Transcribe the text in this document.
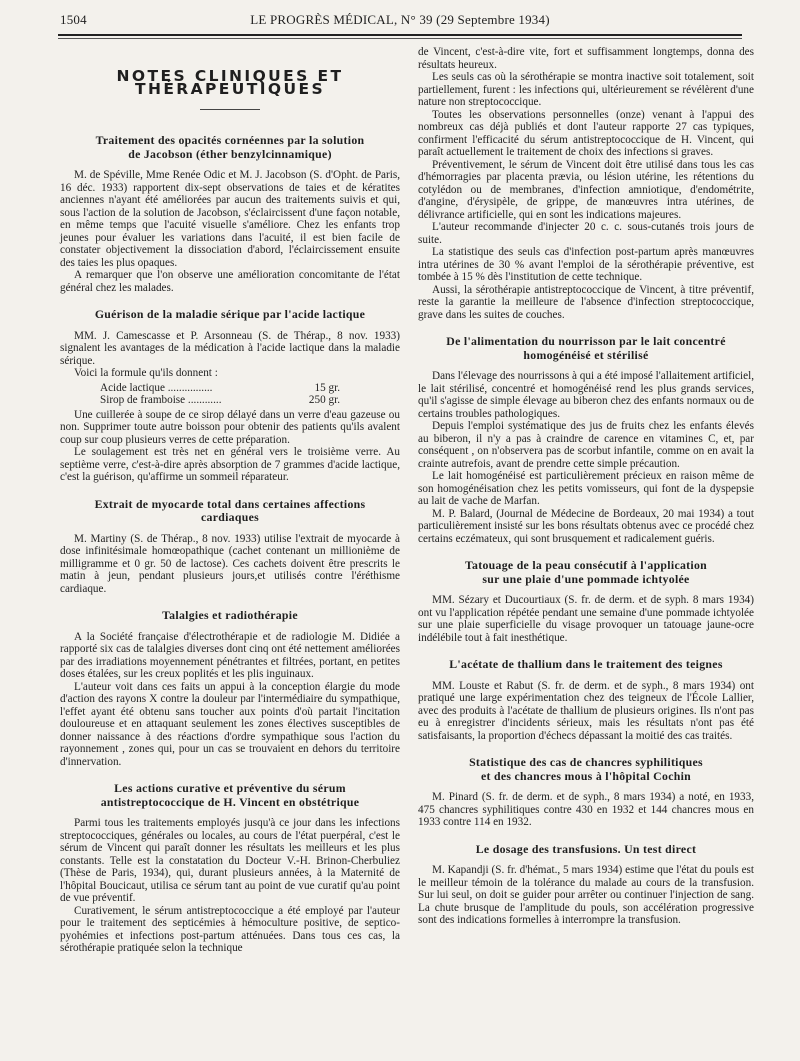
1504	LE PROGRÈS MÉDICAL, N° 39 (29 Septembre 1934)
NOTES CLINIQUES ET THÉRAPEUTIQUES
Traitement des opacités cornéennes par la solution
de Jacobson (éther benzylcinnamique)

M. de Spéville, Mme Renée Odic et M. J. Jacobson (S. d'Opht. de Paris, 16 déc. 1933) rapportent dix-sept observations de taies et de kératites anciennes n'ayant été améliorées par aucun des traitements suivis et qui, sous l'action de la solution de Jacobson, s'éclaircissent d'une façon notable, en même temps que l'acuité visuelle s'améliore. Chez les enfants trop jeunes pour évaluer les variations dans l'acuité, il est bien facile de constater objectivement la dissociation d'abord, l'éclaircissement ensuite des taies les plus opaques.

A remarquer que l'on observe une amélioration concomitante de l'état général chez les malades.

Guérison de la maladie sérique par l'acide lactique

MM. J. Camescasse et P. Arsonneau (S. de Thérap., 8 nov. 1933) signalent les avantages de la médication à l'acide lactique dans la maladie sérique.

Voici la formule qu'ils donnent :

Acide lactique ................	15 gr.
Sirop de framboise ............	250 gr.

Une cuillerée à soupe de ce sirop délayé dans un verre d'eau gazeuse ou non. Supprimer toute autre boisson pour obtenir des patients qu'ils avalent coup sur coup plusieurs verres de cette préparation.

Le soulagement est très net en général vers le troisième verre. Au septième verre, c'est-à-dire après absorption de 7 grammes d'acide lactique, c'est la guérison, qu'affirme un sommeil réparateur.

Extrait de myocarde total dans certaines affections
cardiaques

M. Martiny (S. de Thérap., 8 nov. 1933) utilise l'extrait de myocarde à dose infinitésimale homœopathique (cachet contenant un millionième de milligramme et 0 gr. 50 de lactose). Ces cachets doivent être prescrits le matin à jeun, pendant plusieurs jours,et utilisés contre l'éréthisme cardiaque.

Talalgies et radiothérapie

A la Société française d'électrothérapie et de radiologie M. Didiée a rapporté six cas de talalgies diverses dont cinq ont été nettement améliorées par des irradiations moyennement pénétrantes et filtrées, portant, en petites doses étalées, sur les creux poplités et les plis inguinaux.

L'auteur voit dans ces faits un appui à la conception élargie du mode d'action des rayons X contre la douleur par l'intermédiaire du sympathique, l'effet ayant été obtenu sans toucher aux points d'où partait l'incitation douloureuse et en attaquant seulement les zones électives susceptibles de donner naissance à des réactions d'ordre sympathique sous l'action du rayonnement , zones qui, pour un cas se trouvaient en dehors du territoire d'innervation.

Les actions curative et préventive du sérum
antistreptococcique de H. Vincent en obstétrique

Parmi tous les traitements employés jusqu'à ce jour dans les infections streptococciques, générales ou locales, au cours de l'état puerpéral, c'est le sérum de Vincent qui paraît donner les résultats les meilleurs et les plus constants. Telle est la constatation du Docteur V.-H. Brinon-Cherbuliez (Thèse de Paris, 1934), qui, durant plusieurs années, à la Maternité de l'hôpital Boucicaut, utilisa ce sérum tant au point de vue curatif qu'au point de vue préventif.

Curativement, le sérum antistreptococcique a été employé par l'auteur pour le traitement des septicémies à hémoculture positive, de septico-pyohémies et infections post-partum atténuées. Dans tous ces cas, la sérothérapie pratiquée selon la technique

de Vincent, c'est-à-dire vite, fort et suffisamment longtemps, donna des résultats heureux.

Les seuls cas où la sérothérapie se montra inactive soit totalement, soit partiellement, furent : les infections qui, ultérieurement se révélèrent d'une nature non streptococcique.

Toutes les observations personnelles (onze) venant à l'appui des nombreux cas déjà publiés et dont l'auteur rapporte 27 cas typiques, confirment l'efficacité du sérum antistreptococcique de H. Vincent, qui paraît actuellement le traitement de choix des infections si graves.

Préventivement, le sérum de Vincent doit être utilisé dans tous les cas d'hémorragies par placenta prævia, ou lésion utérine, les rétentions du cotylédon ou de membranes, d'infection amniotique, d'endométrite, d'angine, d'érysipèle, de grippe, de manœuvres intra utérines, de délivrance artificielle, qui en sont les indications majeures.

L'auteur recommande d'injecter 20 c. c. sous-cutanés trois jours de suite.

La statistique des seuls cas d'infection post-partum après manœuvres intra utérines de 30 % avant l'emploi de la sérothérapie préventive, est tombée à 15 % dès l'institution de cette technique.

Aussi, la sérothérapie antistreptococcique de Vincent, à titre préventif, reste la garantie la meilleure de l'absence d'infection streptococcique, grave dans les suites de couches.

De l'alimentation du nourrisson par le lait concentré
homogénéisé et stérilisé

Dans l'élevage des nourrissons à qui a été imposé l'allaitement artificiel, le lait stérilisé, concentré et homogénéisé rend les plus grands services, qu'il s'agisse de simple élevage au biberon chez des enfants normaux ou de certains troubles pathologiques.

Depuis l'emploi systématique des jus de fruits chez les enfants élevés au biberon, il n'y a pas à craindre de carence en vitamines C, et, par conséquent , on n'observera pas de scorbut infantile, comme on en avait la crainte autrefois, avant de prendre cette simple précaution.

Le lait homogénéisé est particulièrement précieux en raison même de son homogénéisation chez les petits vomisseurs, qui font de la dyspepsie au lait de vache de Marfan.

M. P. Balard, (Journal de Médecine de Bordeaux, 20 mai 1934) a tout particulièrement insisté sur les bons résultats obtenus avec ce procédé chez certains eczémateux, qui sont brusquement et radicalement guéris.

Tatouage de la peau consécutif à l'application
sur une plaie d'une pommade ichtyolée

MM. Sézary et Ducourtiaux (S. fr. de derm. et de syph. 8 mars 1934) ont vu l'application répétée pendant une semaine d'une pommade ichtyolée sur une plaie superficielle du visage provoquer un tatouage jaune-ocre indélébile tout à fait inesthétique.

L'acétate de thallium dans le traitement des teignes

MM. Louste et Rabut (S. fr. de derm. et de syph., 8 mars 1934) ont pratiqué une large expérimentation chez des teigneux de l'École Lallier, avec des produits à l'acétate de thallium de plusieurs origines. Ils n'ont pas eu à enregistrer d'incidents sérieux, mais les résultats n'ont pas été satisfaisants, la proportion d'échecs dépassant la moitié des cas traités.

Statistique des cas de chancres syphilitiques
et des chancres mous à l'hôpital Cochin

M. Pinard (S. fr. de derm. et de syph., 8 mars 1934) a noté, en 1933, 475 chancres syphilitiques contre 430 en 1932 et 144 chancres mous en 1933 contre 114 en 1932.

Le dosage des transfusions. Un test direct

M. Kapandji (S. fr. d'hémat., 5 mars 1934) estime que l'état du pouls est le meilleur témoin de la tolérance du malade au cours de la transfusion. Sur lui seul, on doit se guider pour arrêter ou continuer l'injection de sang. La chute brusque de l'amplitude du pouls, son accélération progressive sont des indications formelles à interrompre la transfusion.
